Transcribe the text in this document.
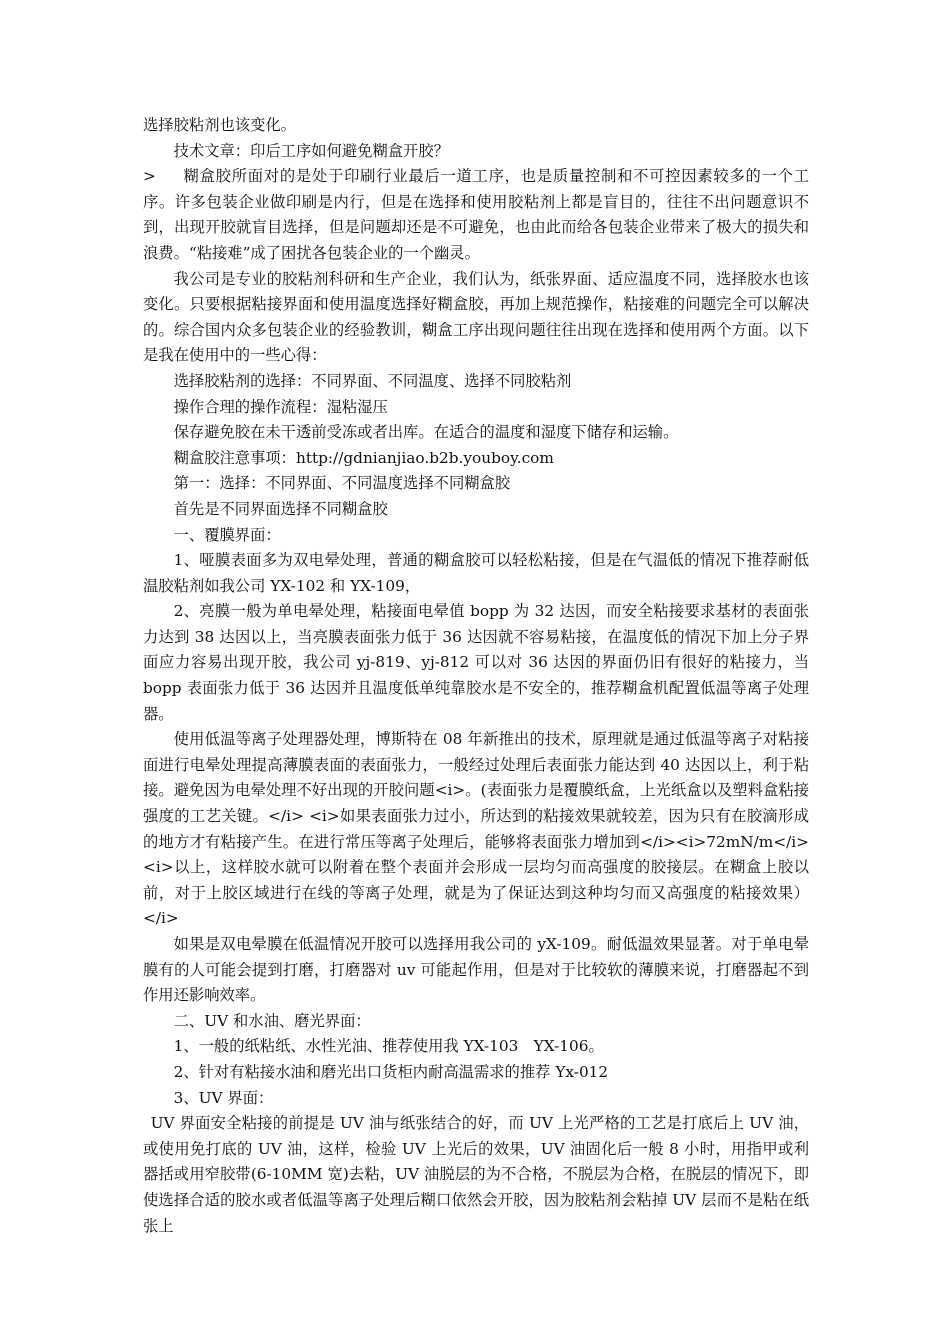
选择胶粘剂也该变化。

技术文章：印后工序如何避免糊盒开胶？

> 糊盒胶所面对的是处于印刷行业最后一道工序，也是质量控制和不可控因素较多的一个工序。许多包装企业做印刷是内行，但是在选择和使用胶粘剂上都是盲目的，往往不出问题意识不到，出现开胶就盲目选择，但是问题却还是不可避免，也由此而给各包装企业带来了极大的损失和浪费。“粘接难”成了困扰各包装企业的一个幽灵。

我公司是专业的胶粘剂科研和生产企业，我们认为，纸张界面、适应温度不同，选择胶水也该变化。只要根据粘接界面和使用温度选择好糊盒胶，再加上规范操作，粘接难的问题完全可以解决的。综合国内众多包装企业的经验教训，糊盒工序出现问题往往出现在选择和使用两个方面。以下是我在使用中的一些心得：

选择胶粘剂的选择：不同界面、不同温度、选择不同胶粘剂

操作合理的操作流程：湿粘湿压

保存避免胶在未干透前受冻或者出库。在适合的温度和湿度下储存和运输。

糊盒胶注意事项：http://gdnianjiao.b2b.youboy.com

第一：选择：不同界面、不同温度选择不同糊盒胶

首先是不同界面选择不同糊盒胶

一、覆膜界面：

1、哑膜表面多为双电晕处理，普通的糊盒胶可以轻松粘接，但是在气温低的情况下推荐耐低温胶粘剂如我公司 YX-102 和 YX-109，

2、亮膜一般为单电晕处理，粘接面电晕值 bopp 为 32 达因，而安全粘接要求基材的表面张力达到 38 达因以上，当亮膜表面张力低于 36 达因就不容易粘接，在温度低的情况下加上分子界面应力容易出现开胶，我公司 yj-819、yj-812 可以对 36 达因的界面仍旧有很好的粘接力，当 bopp 表面张力低于 36 达因并且温度低单纯靠胶水是不安全的，推荐糊盒机配置低温等离子处理器。

使用低温等离子处理器处理，博斯特在 08 年新推出的技术，原理就是通过低温等离子对粘接面进行电晕处理提高薄膜表面的表面张力，一般经过处理后表面张力能达到 40 达因以上，利于粘接。避免因为电晕处理不好出现的开胶问题<i>。(表面张力是覆膜纸盒，上光纸盒以及塑料盒粘接强度的工艺关键。</i> <i>如果表面张力过小，所达到的粘接效果就较差，因为只有在胶滴形成的地方才有粘接产生。在进行常压等离子处理后，能够将表面张力增加到</i><i>72mN/m</i><i>以上，这样胶水就可以附着在整个表面并会形成一层均匀而高强度的胶接层。在糊盒上胶以前，对于上胶区域进行在线的等离子处理，就是为了保证达到这种均匀而又高强度的粘接效果）</i>

如果是双电晕膜在低温情况开胶可以选择用我公司的 yX-109。耐低温效果显著。对于单电晕膜有的人可能会提到打磨，打磨器对 uv 可能起作用，但是对于比较软的薄膜来说，打磨器起不到作用还影响效率。

二、UV 和水油、磨光界面：

1、一般的纸粘纸、水性光油、推荐使用我 YX-103　YX-106。

2、针对有粘接水油和磨光出口货柜内耐高温需求的推荐 Yx-012

3、UV 界面：

UV 界面安全粘接的前提是 UV 油与纸张结合的好，而 UV 上光严格的工艺是打底后上 UV 油，或使用免打底的 UV 油，这样，检验 UV 上光后的效果，UV 油固化后一般 8 小时，用指甲或利器括或用窄胶带(6-10MM 宽)去粘，UV 油脱层的为不合格，不脱层为合格，在脱层的情况下，即使选择合适的胶水或者低温等离子处理后糊口依然会开胶，因为胶粘剂会粘掉 UV 层而不是粘在纸张上
